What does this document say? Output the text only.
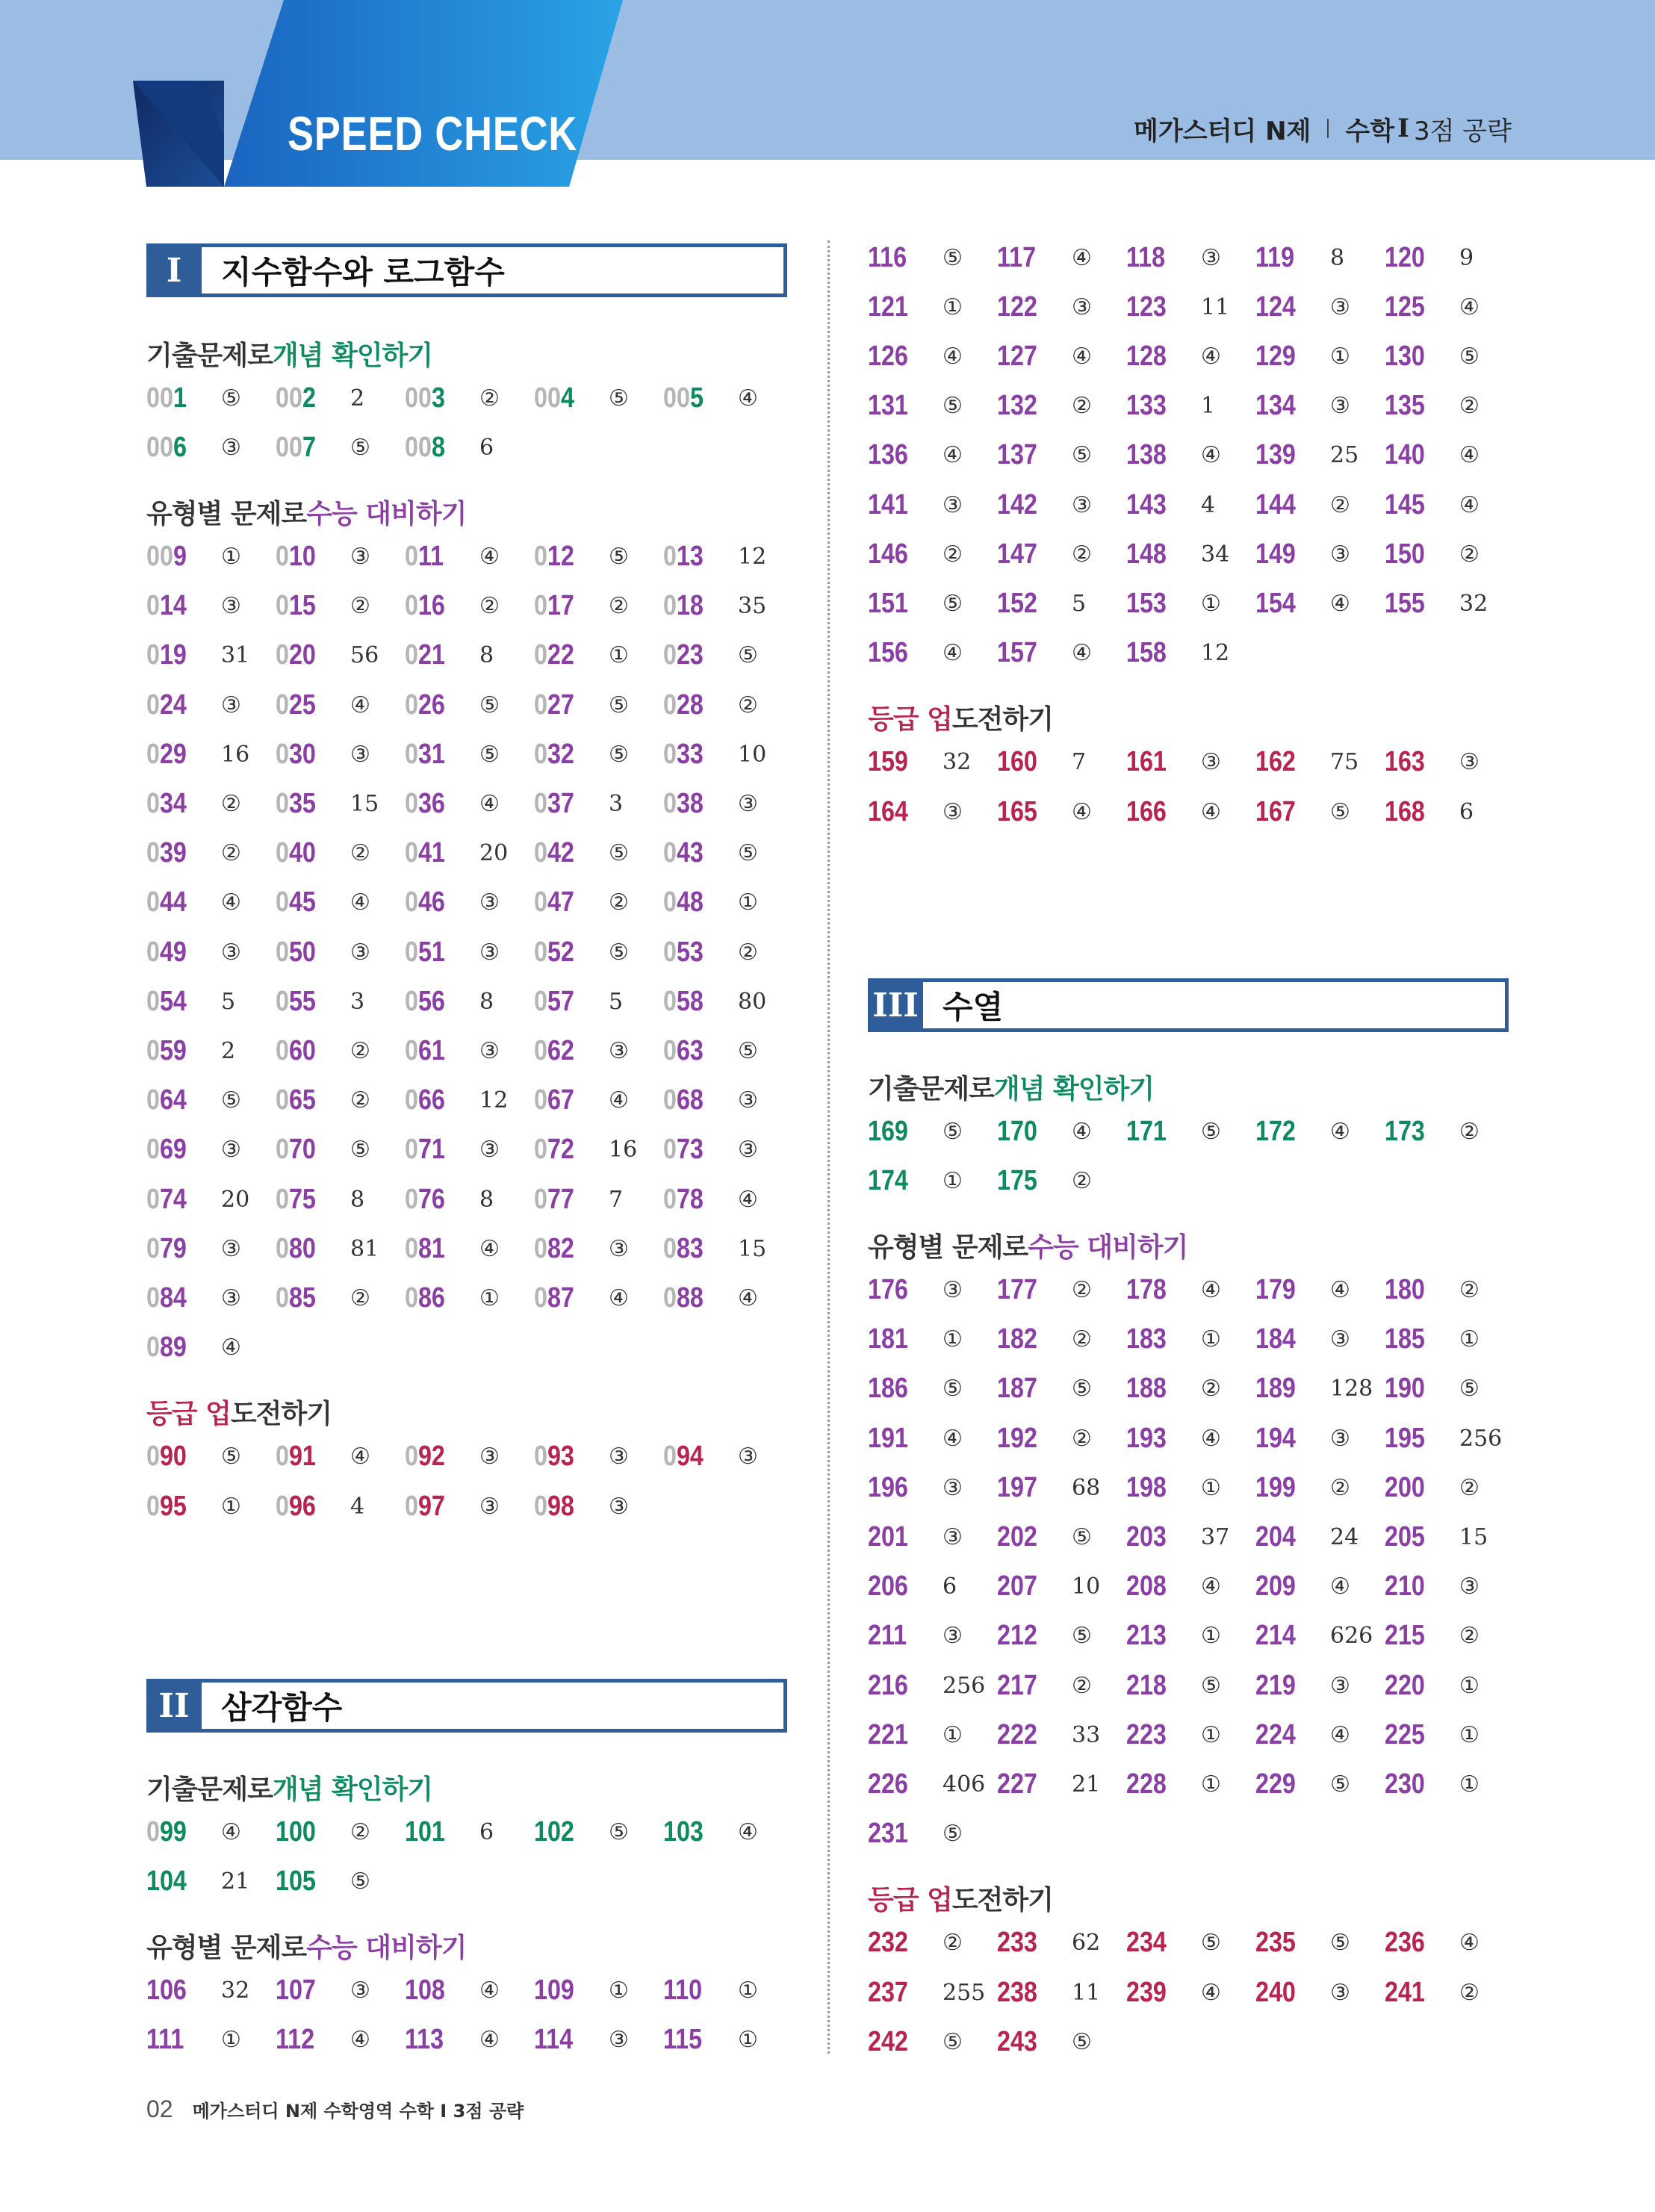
SPEED CHECK	메가스터디 N제 수학 I 3점 공략
I	지수함수와 로그함수
기출문제로 개념 확인하기
001	⑤ 002	2 003	② 004	⑤ 005	④
006	③ 007	⑤ 008	6
유형별 문제로 수능 대비하기
009	① 010	③ 011	④ 012	⑤ 013	12
014	③ 015	② 016	② 017	② 018	35
019	31 020	56 021	8 022	① 023	⑤
024	③ 025	④ 026	⑤ 027	⑤ 028	②
029	16 030	③ 031	⑤ 032	⑤ 033	10
034	② 035	15 036	④ 037	3 038	③
039	② 040	② 041	20 042	⑤ 043	⑤
044	④ 045	④ 046	③ 047	② 048	①
049	③ 050	③ 051	③ 052	⑤ 053	②
054	5 055	3 056	8 057	5 058	80
059	2 060	② 061	③ 062	③ 063	⑤
064	⑤ 065	② 066	12 067	④ 068	③
069	③ 070	⑤ 071	③ 072	16 073	③
074	20 075	8 076	8 077	7 078	④
079	③ 080	81 081	④ 082	③ 083	15
084	③ 085	② 086	① 087	④ 088	④
089	④
등급 업 도전하기
090	⑤ 091	④ 092	③ 093	③ 094	③
095	① 096	4 097	③ 098	③
II	삼각함수
기출문제로 개념 확인하기
099	④ 100	② 101	6 102	⑤ 103	④
104	21 105	⑤
유형별 문제로 수능 대비하기
106	32 107	③ 108	④ 109	① 110	①
111	① 112	④ 113	④ 114	③ 115	①
116	⑤ 117	④ 118	③ 119	8 120	9
121	① 122	③ 123	11 124	③ 125	④
126	④ 127	④ 128	④ 129	① 130	⑤
131	⑤ 132	② 133	1 134	③ 135	②
136	④ 137	⑤ 138	④ 139	25 140	④
141	③ 142	③ 143	4 144	② 145	④
146	② 147	② 148	34 149	③ 150	②
151	⑤ 152	5 153	① 154	④ 155	32
156	④ 157	④ 158	12
등급 업 도전하기
159	32 160	7 161	③ 162	75 163	③
164	③ 165	④ 166	④ 167	⑤ 168	6
III 수열
기출문제로 개념 확인하기
169	⑤ 170	④ 171	⑤ 172	④ 173	②
174	① 175	②
유형별 문제로 수능 대비하기
176	③ 177	② 178	④ 179	④ 180	②
181	① 182	② 183	① 184	③ 185	①
186	⑤ 187	⑤ 188	② 189	128 190	⑤
191	④ 192	② 193	④ 194	③ 195	256
196	③ 197	68 198	① 199	② 200	②
201	③ 202	⑤ 203	37 204	24 205	15
206	6 207	10 208	④ 209	④ 210	③
211	③ 212	⑤ 213	① 214	626 215	②
216	256 217	② 218	⑤ 219	③ 220	①
221	① 222	33 223	① 224	④ 225	①
226	406 227	21 228	① 229	⑤ 230	①
231	⑤
등급 업 도전하기
232	② 233	62 234	⑤ 235	⑤ 236	④
237	255 238	11 239	④ 240	③ 241	②
242	⑤ 243	⑤
02 메가스터디 N제 수학영역 수학 I 3점 공략
